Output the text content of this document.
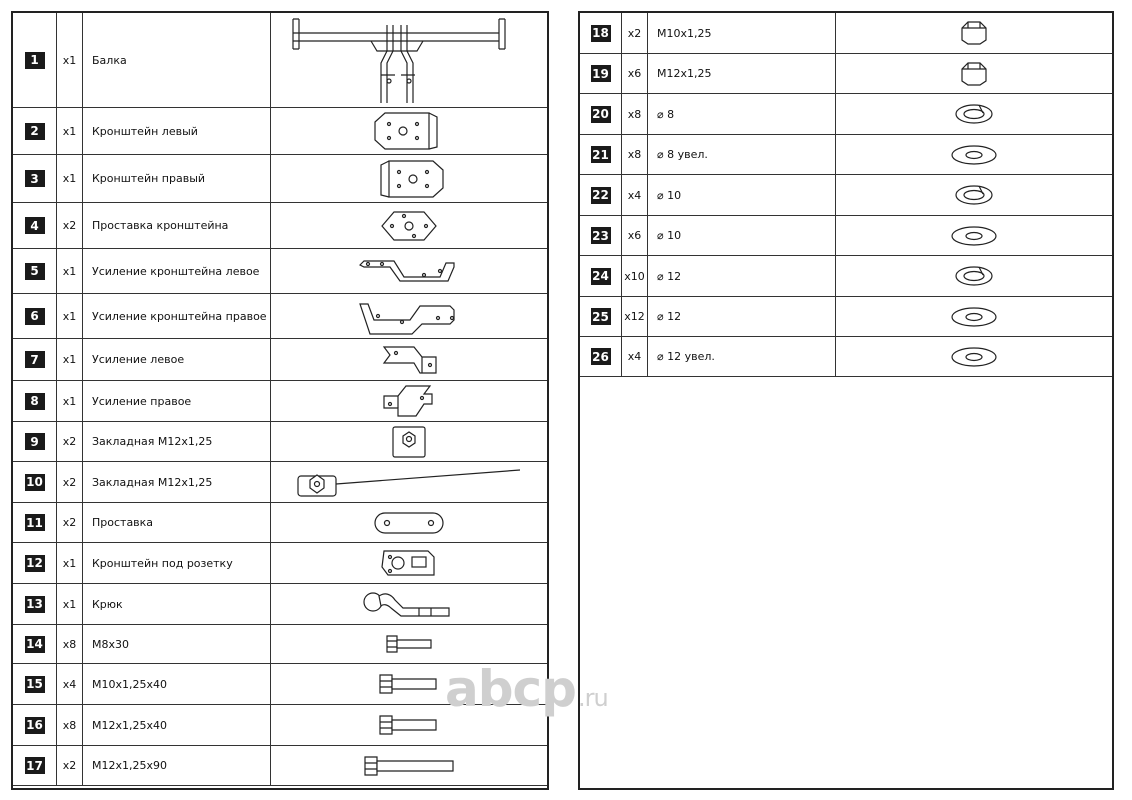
1	x1	Балка
2	x1	Кронштейн левый
3	x1	Кронштейн правый
4	x2	Проставка кронштейна
5	x1	Усиление кронштейна левое
6	x1	Усиление кронштейна правое
7	x1	Усиление левое
8	x1	Усиление правое
9	x2	Закладная М12х1,25
10	x2	Закладная М12х1,25
11	x2	Проставка
12	x1	Кронштейн под розетку
13	x1	Крюк
14	x8	М8х30
15	x4	М10х1,25х40
16	x8	М12х1,25х40
17	x2	М12х1,25х90
18	x2	М10х1,25
19	x6	М12х1,25
20	x8	⌀ 8
21	x8	⌀ 8 увел.
22	x4	⌀ 10
23	x6	⌀ 10
24 x10	⌀ 12
25 x12	⌀ 12
26	x4	⌀ 12 увел.
abcp.ru
